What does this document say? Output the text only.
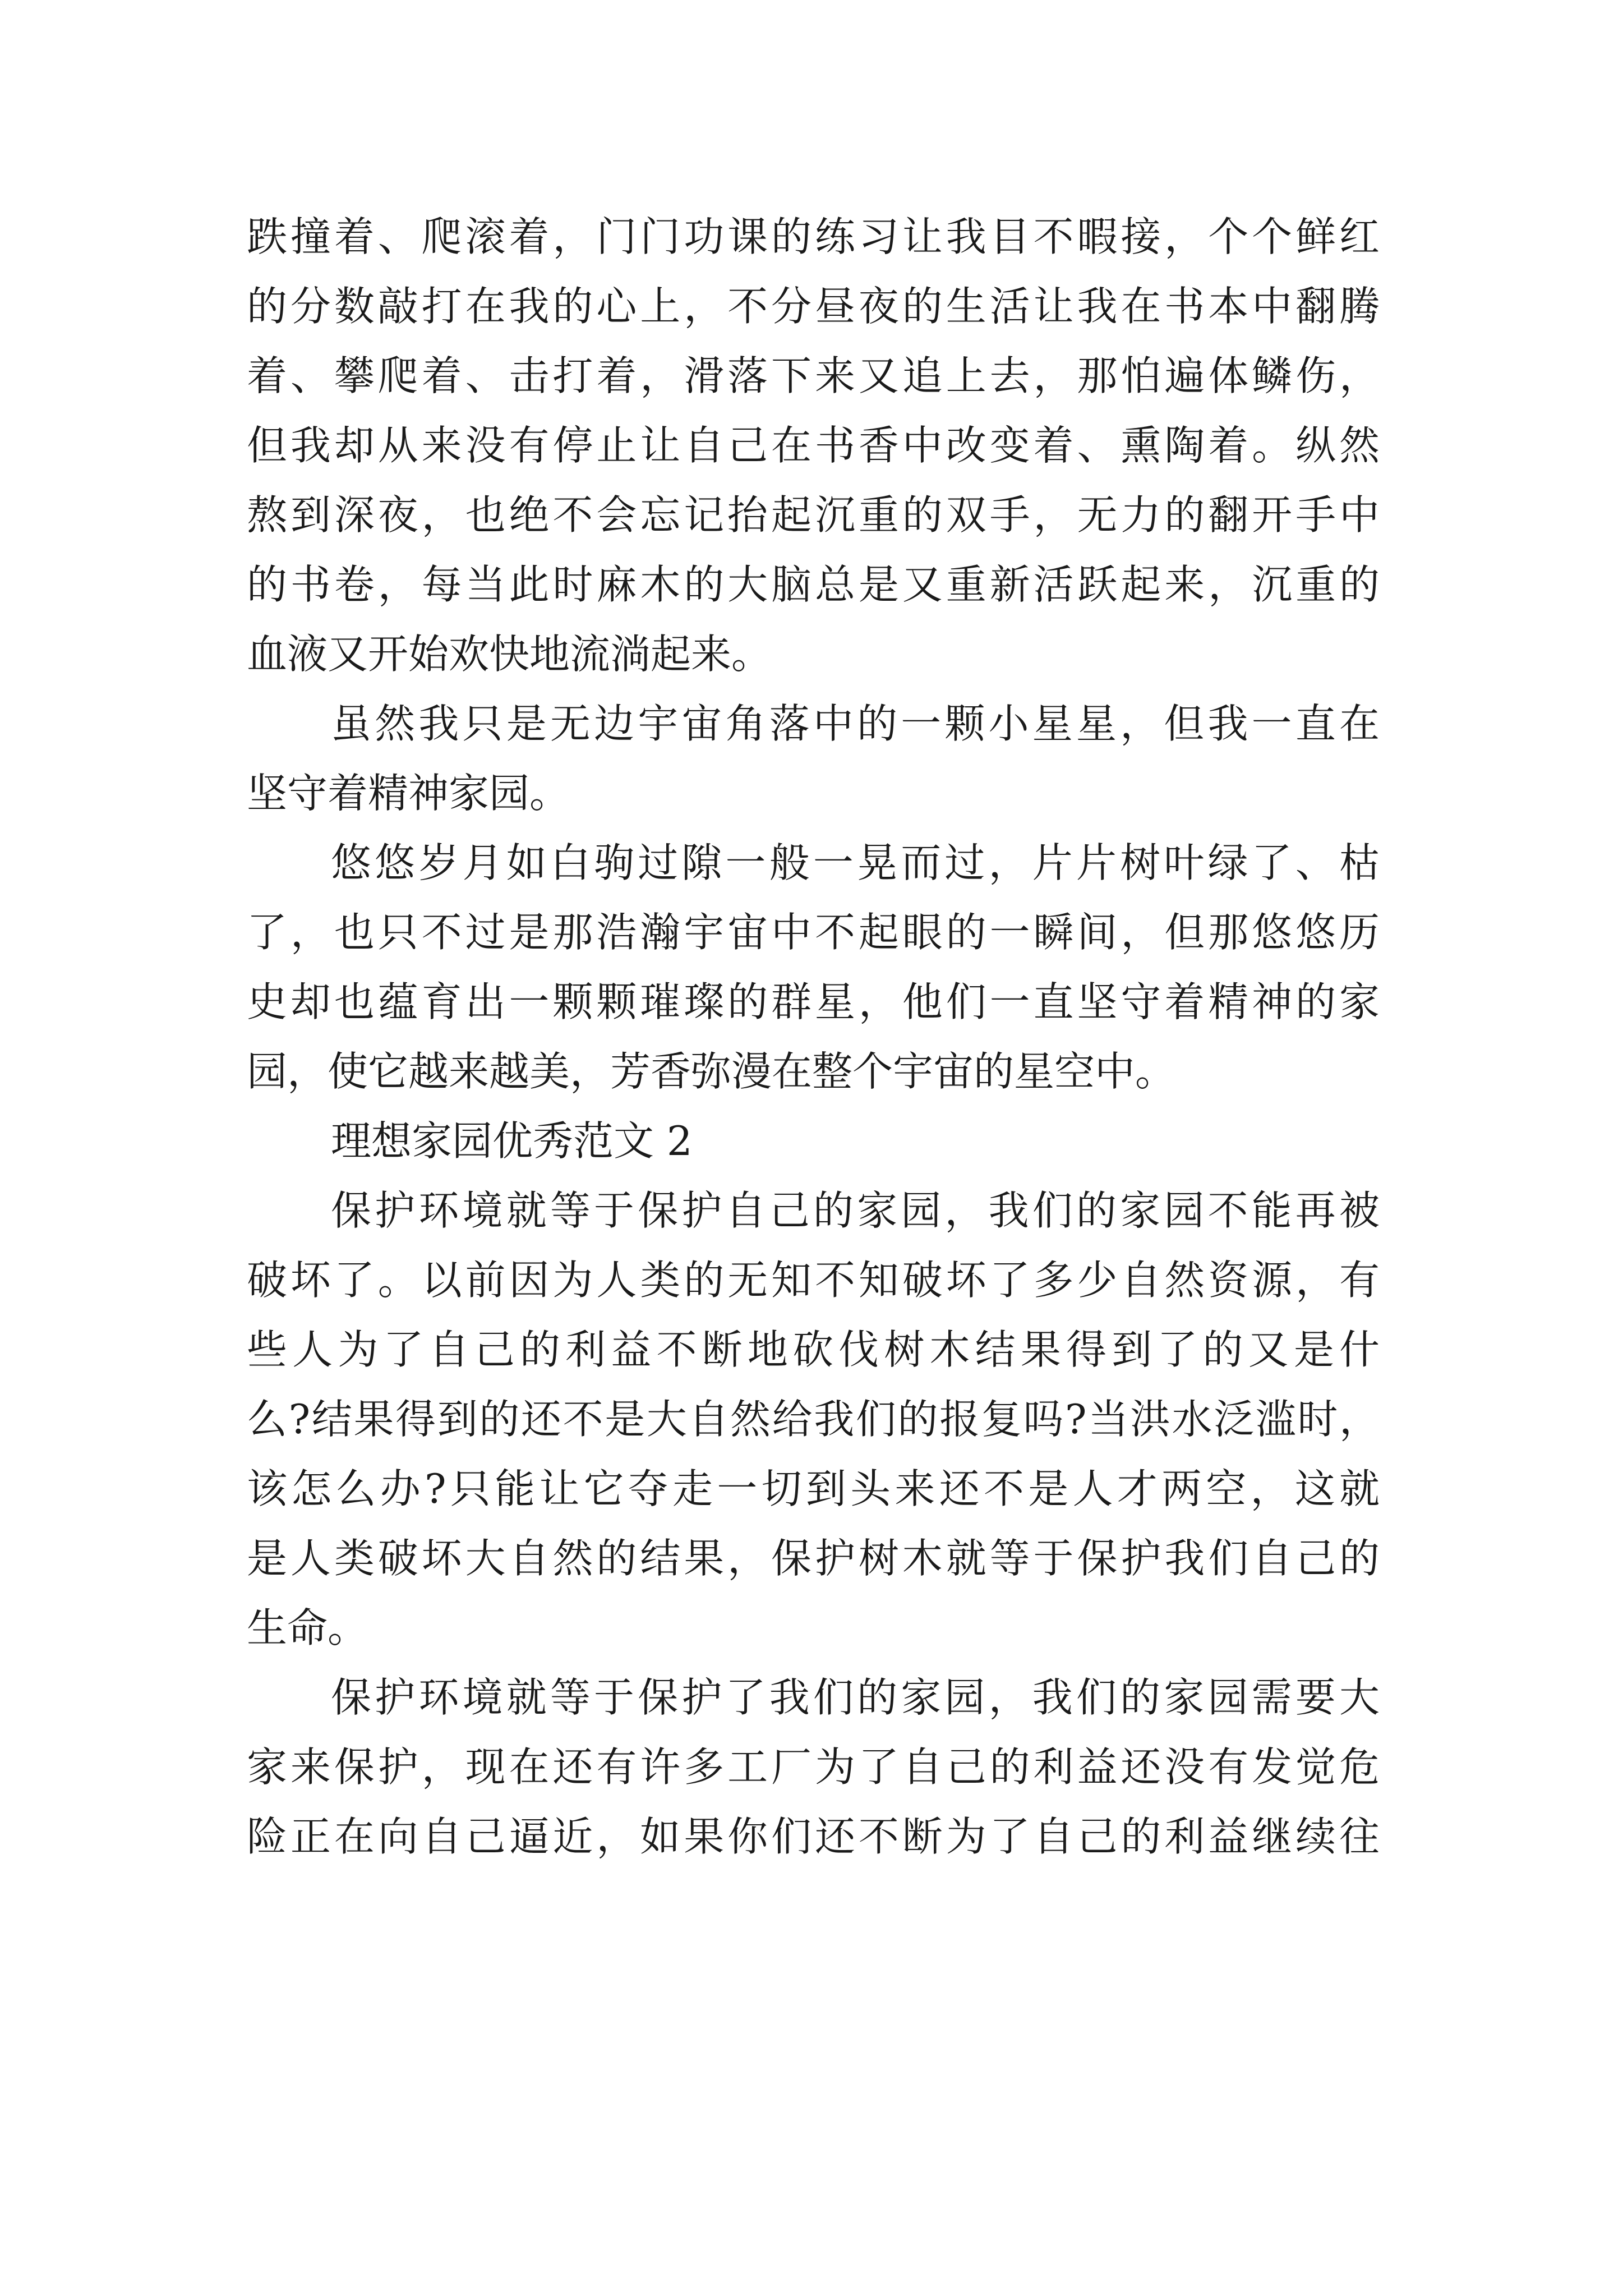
跌撞着、爬滚着，门门功课的练习让我目不暇接，个个鲜红
的分数敲打在我的心上，不分昼夜的生活让我在书本中翻腾
着、攀爬着、击打着，滑落下来又追上去，那怕遍体鳞伤，
但我却从来没有停止让自己在书香中改变着、熏陶着。纵然
熬到深夜，也绝不会忘记抬起沉重的双手，无力的翻开手中
的书卷，每当此时麻木的大脑总是又重新活跃起来，沉重的
血液又开始欢快地流淌起来。
虽然我只是无边宇宙角落中的一颗小星星，但我一直在
坚守着精神家园。
悠悠岁月如白驹过隙一般一晃而过，片片树叶绿了、枯
了，也只不过是那浩瀚宇宙中不起眼的一瞬间，但那悠悠历
史却也蕴育出一颗颗璀璨的群星，他们一直坚守着精神的家
园，使它越来越美，芳香弥漫在整个宇宙的星空中。
理想家园优秀范文 2
保护环境就等于保护自己的家园，我们的家园不能再被
破坏了。以前因为人类的无知不知破坏了多少自然资源，有
些人为了自己的利益不断地砍伐树木结果得到了的又是什
么?结果得到的还不是大自然给我们的报复吗?当洪水泛滥时，
该怎么办?只能让它夺走一切到头来还不是人才两空，这就
是人类破坏大自然的结果，保护树木就等于保护我们自己的
生命。
保护环境就等于保护了我们的家园，我们的家园需要大
家来保护，现在还有许多工厂为了自己的利益还没有发觉危
险正在向自己逼近，如果你们还不断为了自己的利益继续往
